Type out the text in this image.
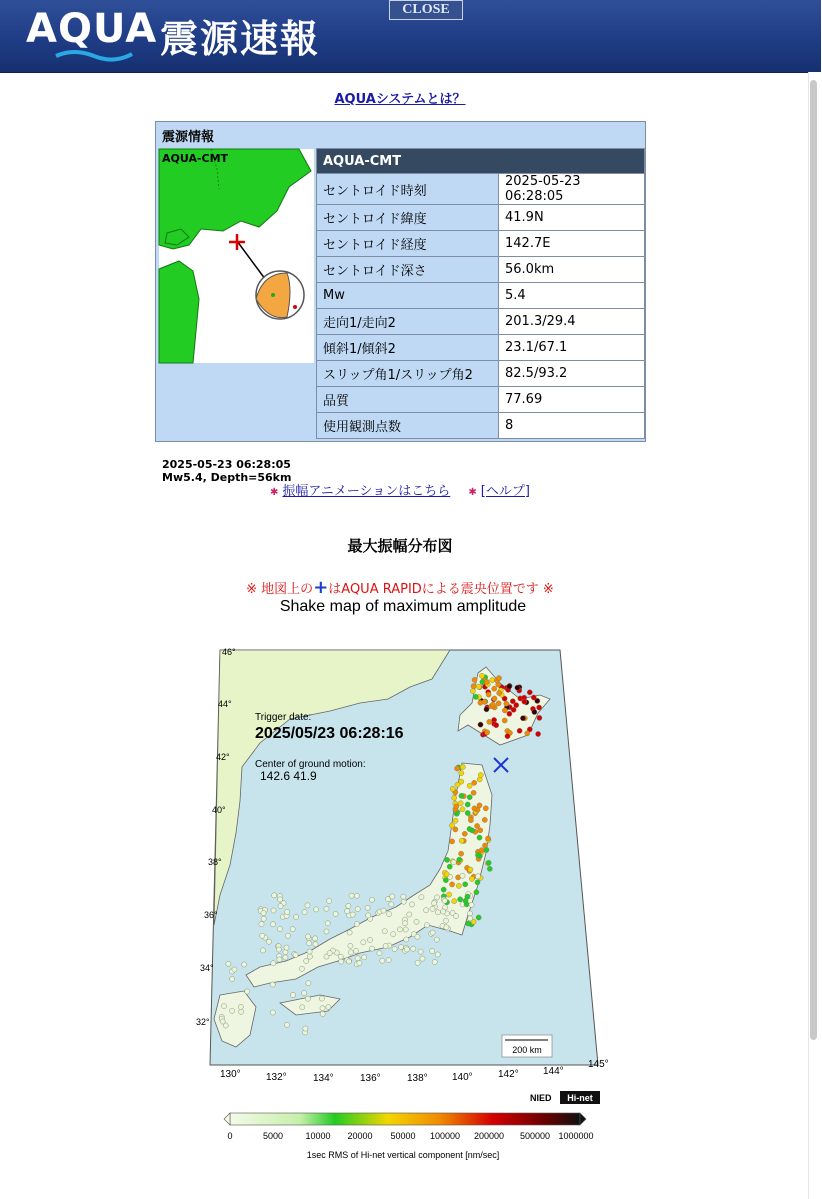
AQUA 震源速報
CLOSE
AQUAシステムとは？
震源情報
AQUA-CMT
2025-05-23 06:28:05
Mw5.4, Depth=56km
AQUA-CMT	
セントロイド時刻	2025-05-23 06:28:05
セントロイド緯度	41.9N
セントロイド経度	142.7E
セントロイド深さ	56.0km
Mw	5.4
走向1/走向2	201.3/29.4
傾斜1/傾斜2	23.1/67.1
スリップ角1/スリップ角2	82.5/93.2
品質	77.69
使用観測点数	8
✱ 振幅アニメーションはこちら ✱ [ヘルプ]
最大振幅分布図
※ 地図上の+はAQUA RAPIDによる震央位置です ※
Shake map of maximum amplitude
Trigger date:
2025/05/23 06:28:16
Center of ground motion:
142.6 41.9
46°
44°
42°
40°
38°
36°
34°
32°
130°	132°	134°	136°	138° 140°	142° 144°
145°
200 km
NIED Hi-net
0	5000 10000 20000 50000 100000 200000 500000 1000000
1sec RMS of Hi-net vertical component [nm/sec]
